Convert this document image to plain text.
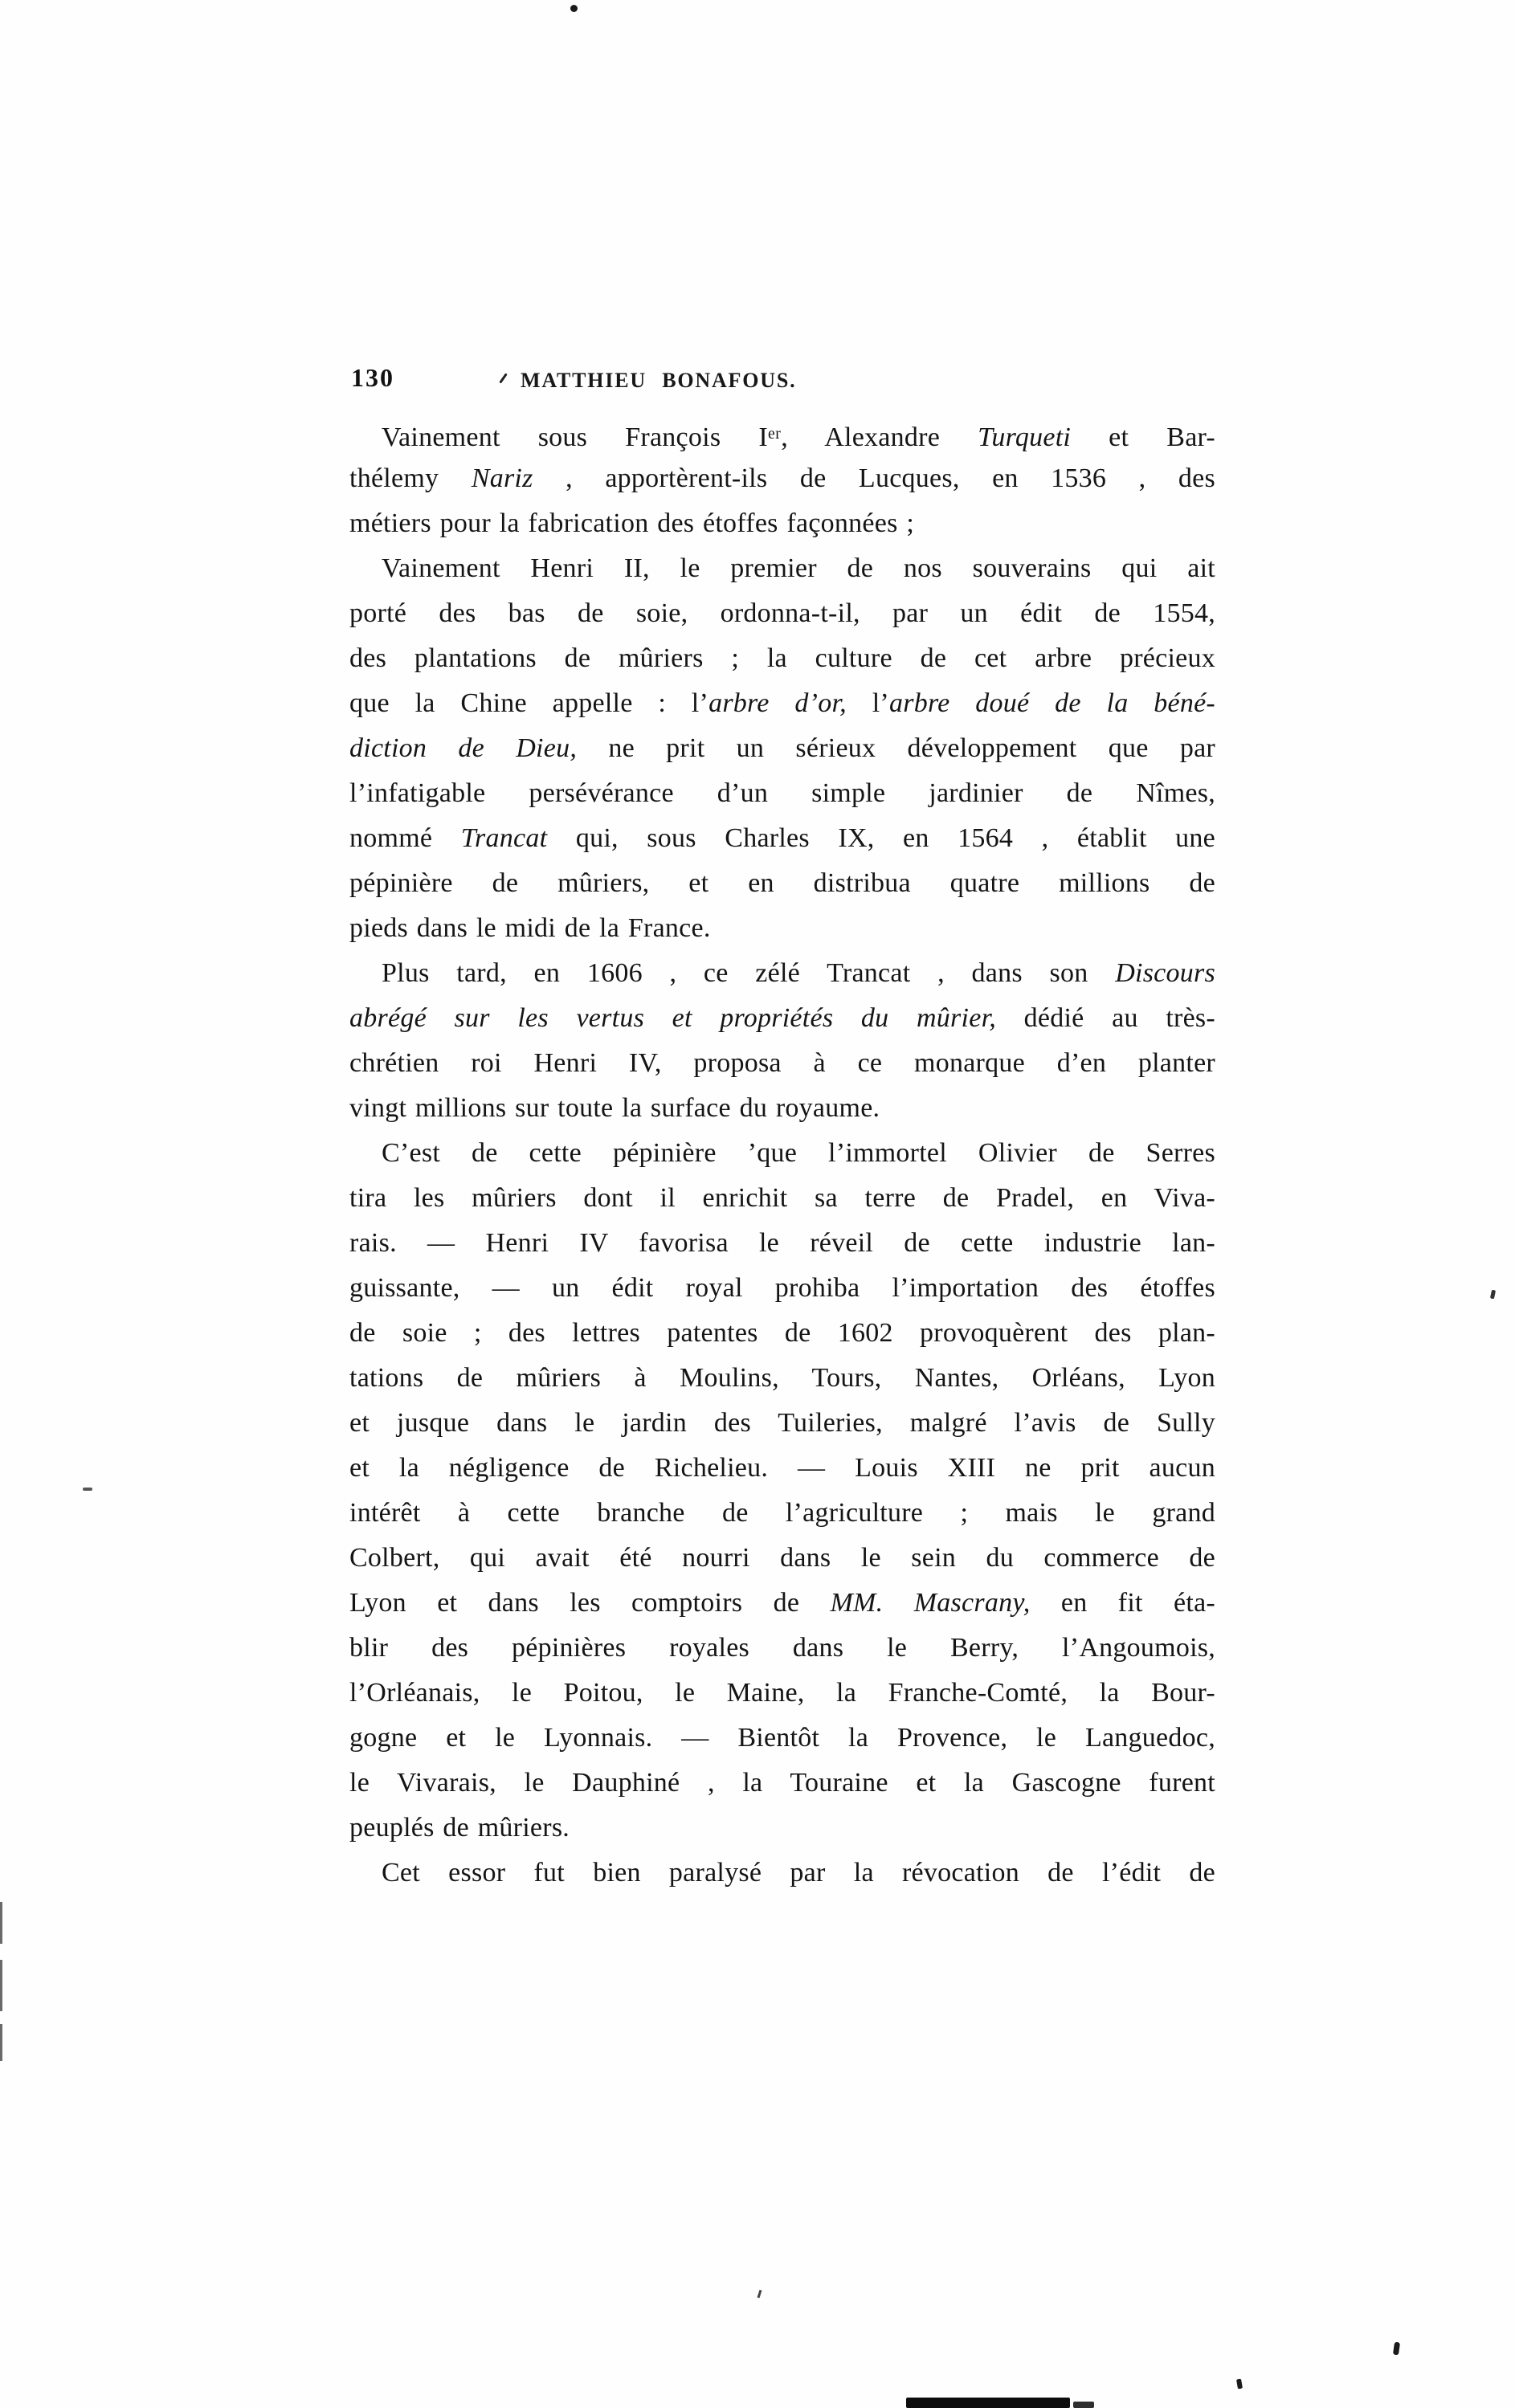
130	MATTHIEU BONAFOUS.
Vainement sous François Ier, Alexandre Turqueti et Bar-
thélemy Nariz , apportèrent-ils de Lucques, en 1536 , des
métiers pour la fabrication des étoffes façonnées ;
Vainement Henri II, le premier de nos souverains qui ait
porté des bas de soie, ordonna-t-il, par un édit de 1554,
des plantations de mûriers ; la culture de cet arbre précieux
que la Chine appelle : l’arbre d’or, l’arbre doué de la béné-
diction de Dieu, ne prit un sérieux développement que par
l’infatigable persévérance d’un simple jardinier de Nîmes,
nommé Trancat qui, sous Charles IX, en 1564 , établit une
pépinière de mûriers, et en distribua quatre millions de
pieds dans le midi de la France.
Plus tard, en 1606 , ce zélé Trancat , dans son Discours
abrégé sur les vertus et propriétés du mûrier, dédié au très-
chrétien roi Henri IV, proposa à ce monarque d’en planter
vingt millions sur toute la surface du royaume.
C’est de cette pépinière ’que l’immortel Olivier de Serres
tira les mûriers dont il enrichit sa terre de Pradel, en Viva-
rais. — Henri IV favorisa le réveil de cette industrie lan-
guissante, — un édit royal prohiba l’importation des étoffes
de soie ; des lettres patentes de 1602 provoquèrent des plan-
tations de mûriers à Moulins, Tours, Nantes, Orléans, Lyon
et jusque dans le jardin des Tuileries, malgré l’avis de Sully
et la négligence de Richelieu. — Louis XIII ne prit aucun
intérêt à cette branche de l’agriculture ; mais le grand
Colbert, qui avait été nourri dans le sein du commerce de
Lyon et dans les comptoirs de MM. Mascrany, en fit éta-
blir des pépinières royales dans le Berry, l’Angoumois,
l’Orléanais, le Poitou, le Maine, la Franche-Comté, la Bour-
gogne et le Lyonnais. — Bientôt la Provence, le Languedoc,
le Vivarais, le Dauphiné , la Touraine et la Gascogne furent
peuplés de mûriers.
Cet essor fut bien paralysé par la révocation de l’édit de
